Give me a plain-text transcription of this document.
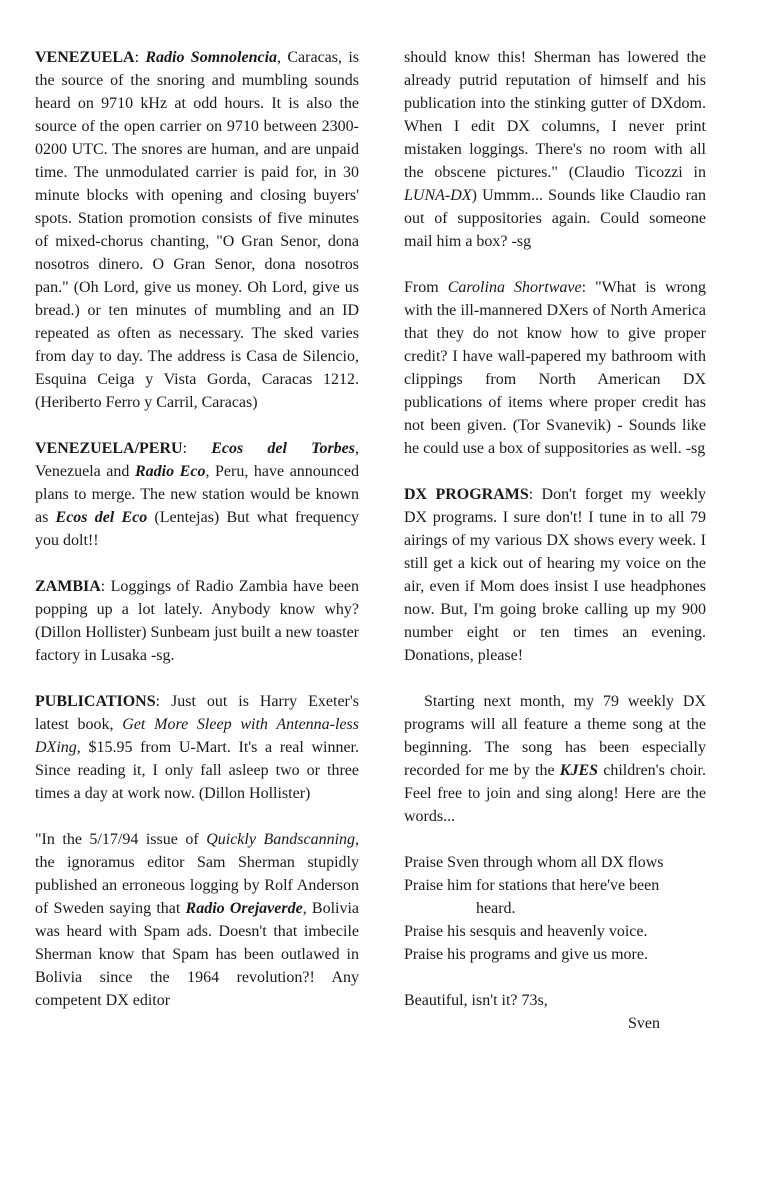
VENEZUELA: Radio Somnolencia, Caracas, is the source of the snoring and mumbling sounds heard on 9710 kHz at odd hours. It is also the source of the open carrier on 9710 between 2300-0200 UTC. The snores are human, and are unpaid time. The unmodulated carrier is paid for, in 30 minute blocks with opening and closing buyers' spots. Station promotion consists of five minutes of mixed-chorus chanting, "O Gran Senor, dona nosotros dinero. O Gran Senor, dona nosotros pan." (Oh Lord, give us money. Oh Lord, give us bread.) or ten minutes of mumbling and an ID repeated as often as necessary. The sked varies from day to day. The address is Casa de Silencio, Esquina Ceiga y Vista Gorda, Caracas 1212. (Heriberto Ferro y Carril, Caracas)

VENEZUELA/PERU: Ecos del Torbes, Venezuela and Radio Eco, Peru, have announced plans to merge. The new station would be known as Ecos del Eco (Lentejas) But what frequency you dolt!!

ZAMBIA: Loggings of Radio Zambia have been popping up a lot lately. Anybody know why? (Dillon Hollister) Sunbeam just built a new toaster factory in Lusaka -sg.

PUBLICATIONS: Just out is Harry Exeter's latest book, Get More Sleep with Antenna-less DXing, $15.95 from U-Mart. It's a real winner. Since reading it, I only fall asleep two or three times a day at work now. (Dillon Hollister)

"In the 5/17/94 issue of Quickly Bandscanning, the ignoramus editor Sam Sherman stupidly published an erroneous logging by Rolf Anderson of Sweden saying that Radio Orejaverde, Bolivia was heard with Spam ads. Doesn't that imbecile Sherman know that Spam has been outlawed in Bolivia since the 1964 revolution?! Any competent DX editor

should know this! Sherman has lowered the already putrid reputation of himself and his publication into the stinking gutter of DXdom. When I edit DX columns, I never print mistaken loggings. There's no room with all the obscene pictures." (Claudio Ticozzi in LUNA-DX) Ummm... Sounds like Claudio ran out of suppositories again. Could someone mail him a box? -sg

From Carolina Shortwave: "What is wrong with the ill-mannered DXers of North America that they do not know how to give proper credit? I have wall-papered my bathroom with clippings from North American DX publications of items where proper credit has not been given. (Tor Svanevik) - Sounds like he could use a box of suppositories as well. -sg

DX PROGRAMS: Don't forget my weekly DX programs. I sure don't! I tune in to all 79 airings of my various DX shows every week. I still get a kick out of hearing my voice on the air, even if Mom does insist I use headphones now. But, I'm going broke calling up my 900 number eight or ten times an evening. Donations, please!

Starting next month, my 79 weekly DX programs will all feature a theme song at the beginning. The song has been especially recorded for me by the KJES children's choir. Feel free to join and sing along! Here are the words...

Praise Sven through whom all DX flows
Praise him for stations that here've been
heard.
Praise his sesquis and heavenly voice.
Praise his programs and give us more.
Beautiful, isn't it? 73s,
Sven
